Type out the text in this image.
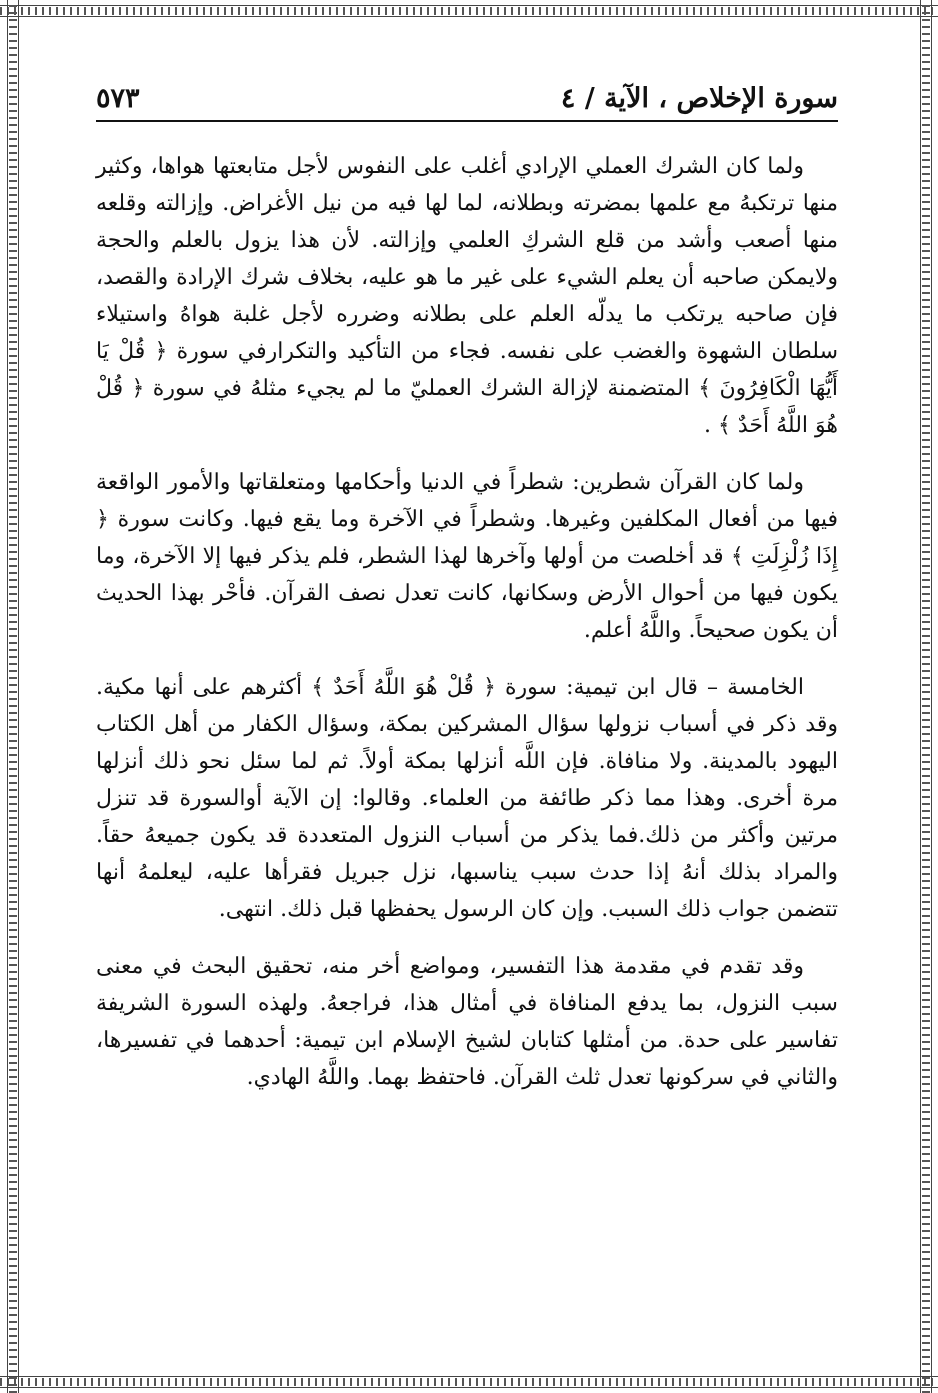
سورة الإخلاص ، الآية / ٤
٥٧٣

ولما كان الشرك العملي الإرادي أغلب على النفوس لأجل متابعتها هواها، وكثير منها ترتكبهُ مع علمها بمضرته وبطلانه، لما لها فيه من نيل الأغراض. وإزالته وقلعه منها أصعب وأشد من قلع الشركِ العلمي وإزالته. لأن هذا يزول بالعلم والحجة ولايمكن صاحبه أن يعلم الشيء على غير ما هو عليه، بخلاف شرك الإرادة والقصد، فإن صاحبه يرتكب ما يدلّه العلم على بطلانه وضرره لأجل غلبة هواهُ واستيلاء سلطان الشهوة والغضب على نفسه. فجاء من التأكيد والتكرارفي سورة ﴿ قُلْ يَا أَيُّهَا الْكَافِرُونَ ﴾ المتضمنة لإزالة الشرك العمليّ ما لم يجيء مثلهُ في سورة ﴿ قُلْ هُوَ اللَّهُ أَحَدٌ ﴾ .

ولما كان القرآن شطرين: شطراً في الدنيا وأحكامها ومتعلقاتها والأمور الواقعة فيها من أفعال المكلفين وغيرها. وشطراً في الآخرة وما يقع فيها. وكانت سورة ﴿ إِذَا زُلْزِلَتِ ﴾ قد أخلصت من أولها وآخرها لهذا الشطر، فلم يذكر فيها إلا الآخرة، وما يكون فيها من أحوال الأرض وسكانها، كانت تعدل نصف القرآن. فأحْر بهذا الحديث أن يكون صحيحاً. واللَّهُ أعلم.

الخامسة – قال ابن تيمية: سورة ﴿ قُلْ هُوَ اللَّهُ أَحَدٌ ﴾ أكثرهم على أنها مكية. وقد ذكر في أسباب نزولها سؤال المشركين بمكة، وسؤال الكفار من أهل الكتاب اليهود بالمدينة. ولا منافاة. فإن اللَّه أنزلها بمكة أولاً. ثم لما سئل نحو ذلك أنزلها مرة أخرى. وهذا مما ذكر طائفة من العلماء. وقالوا: إن الآية أوالسورة قد تنزل مرتين وأكثر من ذلك.فما يذكر من أسباب النزول المتعددة قد يكون جميعهُ حقاً. والمراد بذلك أنهُ إذا حدث سبب يناسبها، نزل جبريل فقرأها عليه، ليعلمهُ أنها تتضمن جواب ذلك السبب. وإن كان الرسول يحفظها قبل ذلك. انتهى.

وقد تقدم في مقدمة هذا التفسير، ومواضع أخر منه، تحقيق البحث في معنى سبب النزول، بما يدفع المنافاة في أمثال هذا، فراجعهُ. ولهذه السورة الشريفة تفاسير على حدة. من أمثلها كتابان لشيخ الإسلام ابن تيمية: أحدهما في تفسيرها، والثاني في سركونها تعدل ثلث القرآن. فاحتفظ بهما. واللَّهُ الهادي.
